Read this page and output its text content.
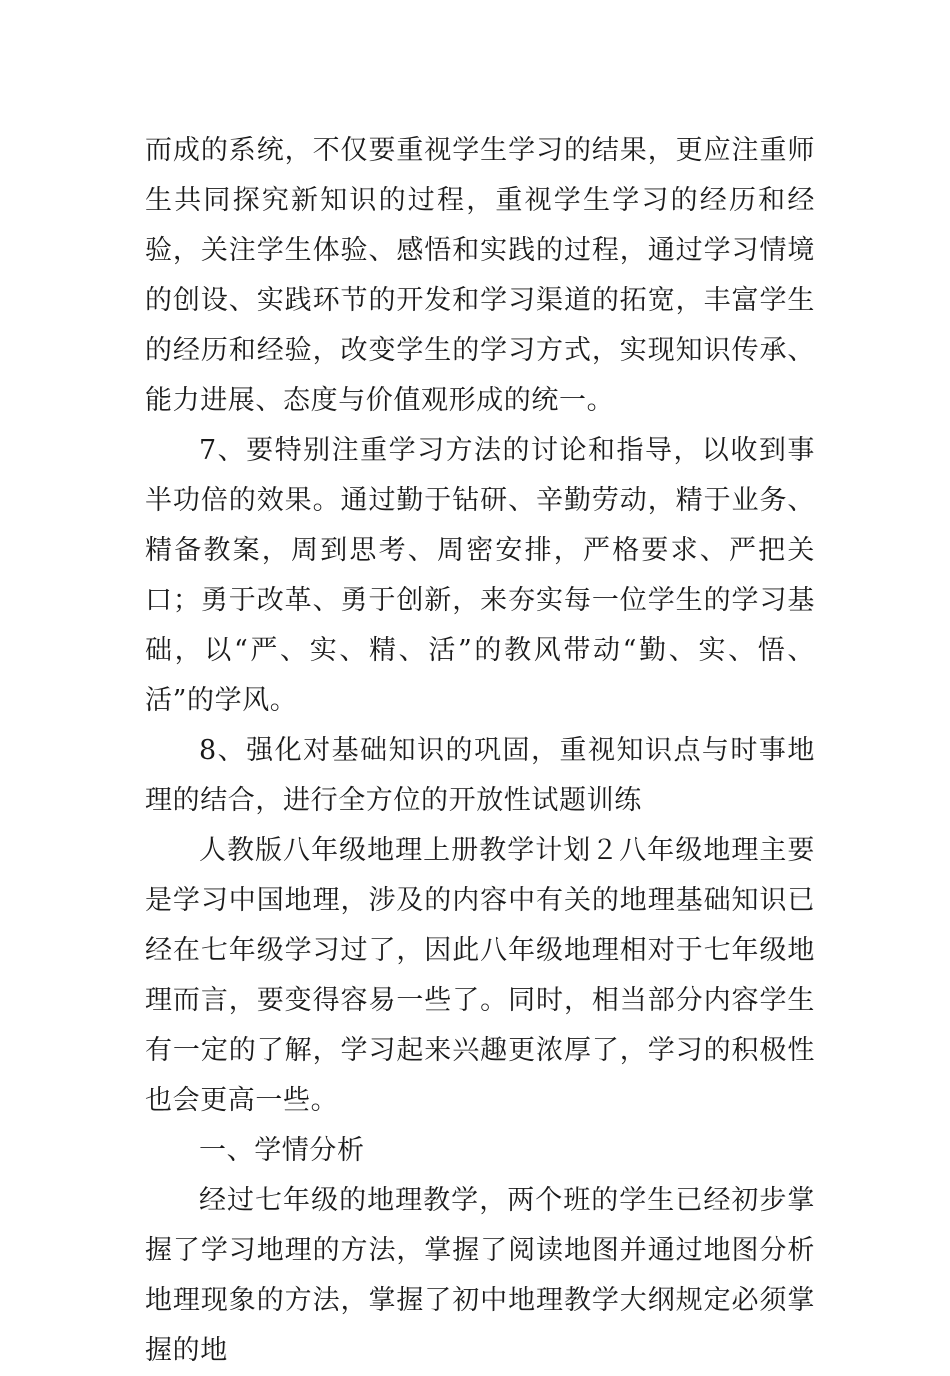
而成的系统，不仅要重视学生学习的结果，更应注重师生共同探究新知识的过程，重视学生学习的经历和经验，关注学生体验、感悟和实践的过程，通过学习情境的创设、实践环节的开发和学习渠道的拓宽，丰富学生的经历和经验，改变学生的学习方式，实现知识传承、能力进展、态度与价值观形成的统一。

7、要特别注重学习方法的讨论和指导，以收到事半功倍的效果。通过勤于钻研、辛勤劳动，精于业务、精备教案，周到思考、周密安排，严格要求、严把关口；勇于改革、勇于创新，来夯实每一位学生的学习基础，以“严、实、精、活”的教风带动“勤、实、悟、活”的学风。

8、强化对基础知识的巩固，重视知识点与时事地理的结合，进行全方位的开放性试题训练

人教版八年级地理上册教学计划２八年级地理主要是学习中国地理，涉及的内容中有关的地理基础知识已经在七年级学习过了，因此八年级地理相对于七年级地理而言，要变得容易一些了。同时，相当部分内容学生有一定的了解，学习起来兴趣更浓厚了，学习的积极性也会更高一些。

一、学情分析

经过七年级的地理教学，两个班的学生已经初步掌握了学习地理的方法，掌握了阅读地图并通过地图分析地理现象的方法，掌握了初中地理教学大纲规定必须掌握的地
